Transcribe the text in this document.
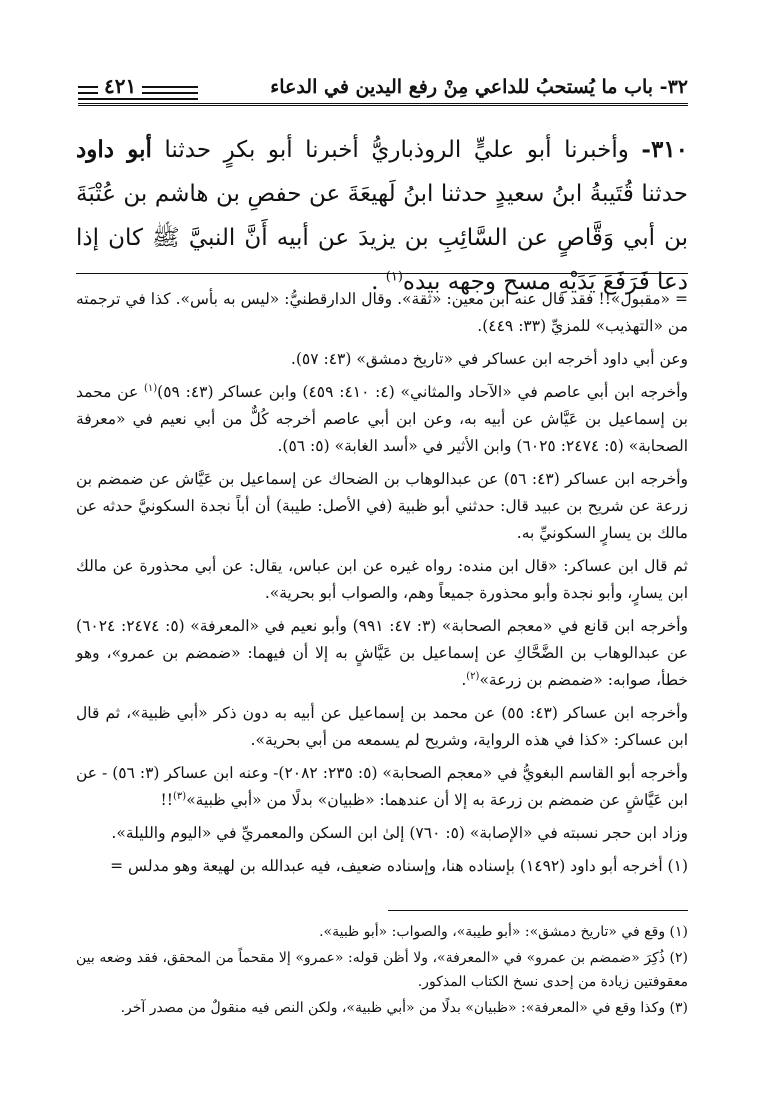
٣٢- باب ما يُستحبُ للداعي مِنْ رفع اليدين في الدعاء
٤٢١
٣١٠- وأخبرنا أبو عليٍّ الروذباريُّ أخبرنا أبو بكرٍ حدثنا أبو داود حدثنا قُتَيبةُ ابنُ سعيدٍ حدثنا ابنُ لَهيعَةَ عن حفصِ بن هاشم بن عُتْبَةَ بن أبي وَقَّاصٍ عن السَّائِبِ بن يزيدَ عن أبيه أَنَّ النبيَّ ﷺ كان إذا دعا فَرَفَعَ يَدَيْهِ مسح وجهه بيده$^{(١)}$ .

= «مقبول»!! فقد قال عنه ابن معين: «ثقة». وقال الدارقطنيُّ: «ليس به بأس». كذا في ترجمته من «التهذيب» للمزيِّ (٣٣: ٤٤٩).

وعن أبي داود أخرجه ابن عساكر في «تاريخ دمشق» (٤٣: ٥٧).

وأخرجه ابن أبي عاصم في «الآحاد والمثاني» (٤: ٤١٠: ٤٥٩) وابن عساكر (٤٣: ٥٩)$^{(١)}$ عن محمد بن إسماعيل بن عَيَّاش عن أبيه به، وعن ابن أبي عاصم أخرجه كُلٌّ من أبي نعيم في «معرفة الصحابة» (٥: ٢٤٧٤: ٦٠٢٥) وابن الأثير في «أسد الغابة» (٥: ٥٦).

وأخرجه ابن عساكر (٤٣: ٥٦) عن عبدالوهاب بن الضحاك عن إسماعيل بن عَيَّاش عن ضمضم بن زرعة عن شريح بن عبيد قال: حدثني أبو ظبية (في الأصل: طيبة) أن أباً نجدة السكونيَّ حدثه عن مالك بن يسارٍ السكونيِّ به.

ثم قال ابن عساكر: «قال ابن منده: رواه غيره عن ابن عباس، يقال: عن أبي محذورة عن مالك ابن يسارٍ، وأبو نجدة وأبو محذورة جميعاً وهم، والصواب أبو بحرية».

وأخرجه ابن قانع في «معجم الصحابة» (٣: ٤٧: ٩٩١) وأبو نعيم في «المعرفة» (٥: ٢٤٧٤: ٦٠٢٤) عن عبدالوهاب بن الضَّحَّاكِ عن إسماعيل بن عَيَّاشٍ به إلا أن فيهما: «ضمضم بن عمرو»، وهو خطأ، صوابه: «ضمضم بن زرعة»$^{(٢)}$.

وأخرجه ابن عساكر (٤٣: ٥٥) عن محمد بن إسماعيل عن أبيه به دون ذكر «أبي ظبية»، ثم قال ابن عساكر: «كذا في هذه الرواية، وشريح لم يسمعه من أبي بحرية».

وأخرجه أبو القاسم البغويُّ في «معجم الصحابة» (٥: ٢٣٥: ٢٠٨٢)- وعنه ابن عساكر (٣: ٥٦) - عن ابن عَيَّاشٍ عن ضمضم بن زرعة به إلا أن عندهما: «ظبيان» بدلًا من «أبي ظبية»$^{(٣)}$!!

وزاد ابن حجر نسبته في «الإصابة» (٥: ٧٦٠) إلىٰ ابن السكن والمعمريِّ في «اليوم والليلة».

(١) أخرجه أبو داود (١٤٩٢) بإسناده هنا، وإسناده ضعيف، فيه عبدالله بن لهيعة وهو مدلس =

(١) وقع في «تاريخ دمشق»: «أبو طيبة»، والصواب: «أبو ظبية».

(٢) ذُكِرَ «ضمضم بن عمرو» في «المعرفة»، ولا أظن قوله: «عمرو» إلا مقحماً من المحقق، فقد وضعه بين معقوفتين زيادة من إحدى نسخ الكتاب المذكور.

(٣) وكذا وقع في «المعرفة»: «ظبيان» بدلًا من «أبي ظبية»، ولكن النص فيه منقولٌ من مصدر آخر.
